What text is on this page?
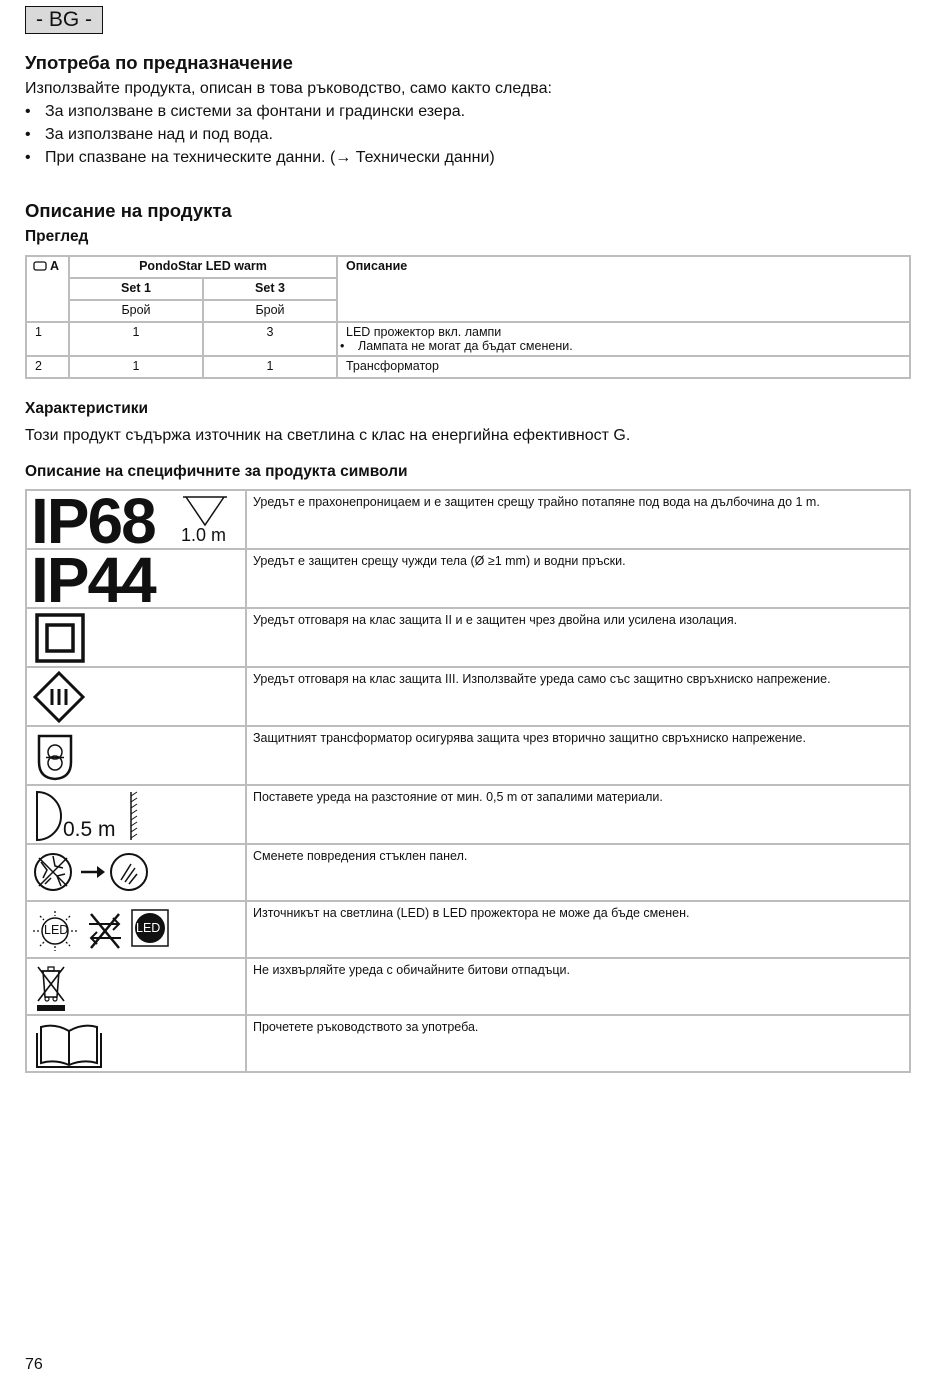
- BG -
Употреба по предназначение

Използвайте продукта, описан в това ръководство, само както следва:

• За използване в системи за фонтани и градински езера.
• За използване над и под вода.
• При спазване на техническите данни. (→ Технически данни)
Описание на продукта
Преглед
A	PondoStar LED warm		Описание
	Set 1	Set 3	
	Брой	Брой	
1	1	3	LED прожектор вкл. лампи
• Лампата не могат да бъдат сменени.

2	1	1	Трансформатор
Характеристики

Този продукт съдържа източник на светлина с клас на енергийна ефективност G.

Описание на специфичните за продукта символи
IP68 1.0 m	Уредът е прахонепроницаем и е защитен срещу трайно потапяне под вода на дълбочина до 1 m.

IP44	Уредът е защитен срещу чужди тела (Ø ≥1 mm) и водни пръски.

	Уредът отговаря на клас защита II и е защитен чрез двойна или усилена изолация.

	Уредът отговаря на клас защита III. Използвайте уреда само със защитно свръхниско напрежение.

	Защитният трансформатор осигурява защита чрез вторично защитно свръхниско напрежение.

0.5 m	Поставете уреда на разстояние от мин. 0,5 m от запалими материали.

	Сменете повредения стъклен панел.

LED LED	Източникът на светлина (LED) в LED прожектора не може да бъде сменен.

	Не изхвърляйте уреда с обичайните битови отпадъци.

	Прочетете ръководството за употреба.
76
